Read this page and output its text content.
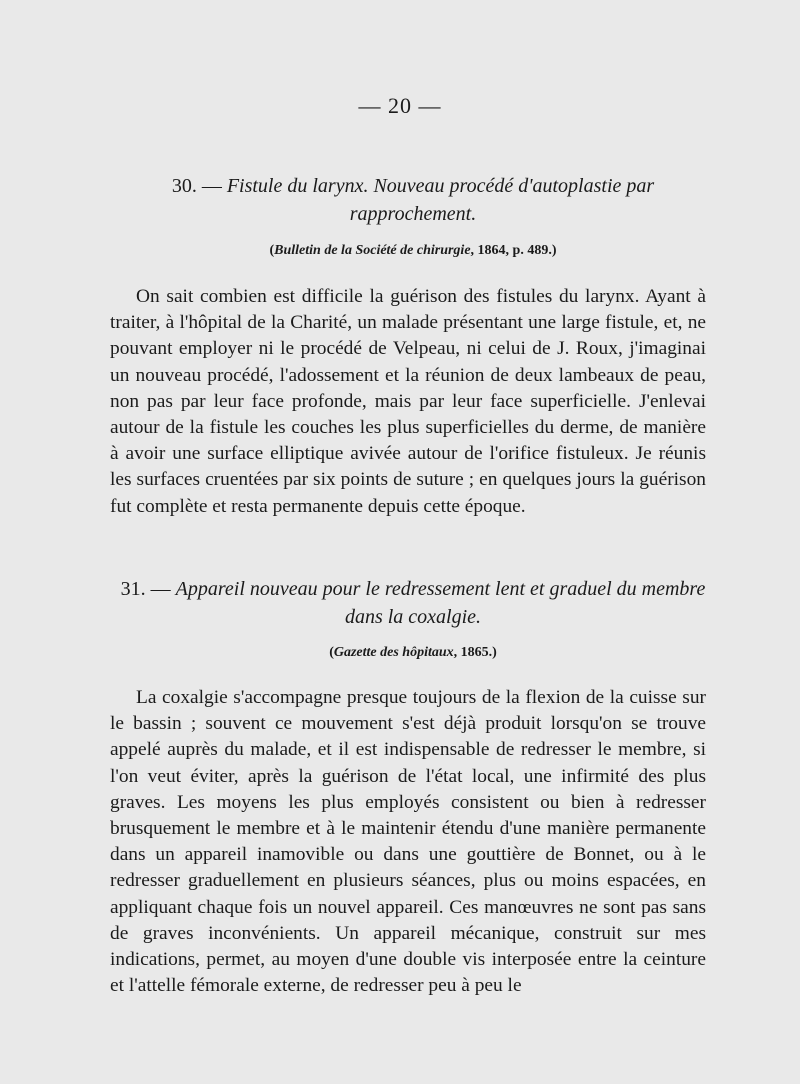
— 20 —
30. — Fistule du larynx. Nouveau procédé d'autoplastie par rapprochement.
(Bulletin de la Société de chirurgie, 1864, p. 489.)

On sait combien est difficile la guérison des fistules du larynx. Ayant à traiter, à l'hôpital de la Charité, un malade présentant une large fistule, et, ne pouvant employer ni le procédé de Velpeau, ni celui de J. Roux, j'imaginai un nouveau procédé, l'adossement et la réunion de deux lambeaux de peau, non pas par leur face profonde, mais par leur face superficielle. J'enlevai autour de la fistule les couches les plus superficielles du derme, de manière à avoir une surface elliptique avivée autour de l'orifice fistuleux. Je réunis les surfaces cruentées par six points de suture ; en quelques jours la guérison fut complète et resta permanente depuis cette époque.

31. — Appareil nouveau pour le redressement lent et graduel du membre dans la coxalgie.
(Gazette des hôpitaux, 1865.)

La coxalgie s'accompagne presque toujours de la flexion de la cuisse sur le bassin ; souvent ce mouvement s'est déjà produit lorsqu'on se trouve appelé auprès du malade, et il est indispensable de redresser le membre, si l'on veut éviter, après la guérison de l'état local, une infirmité des plus graves. Les moyens les plus employés consistent ou bien à redresser brusquement le membre et à le maintenir étendu d'une manière permanente dans un appareil inamovible ou dans une gouttière de Bonnet, ou à le redresser graduellement en plusieurs séances, plus ou moins espacées, en appliquant chaque fois un nouvel appareil. Ces manœuvres ne sont pas sans de graves inconvénients. Un appareil mécanique, construit sur mes indications, permet, au moyen d'une double vis interposée entre la ceinture et l'attelle fémorale externe, de redresser peu à peu le
